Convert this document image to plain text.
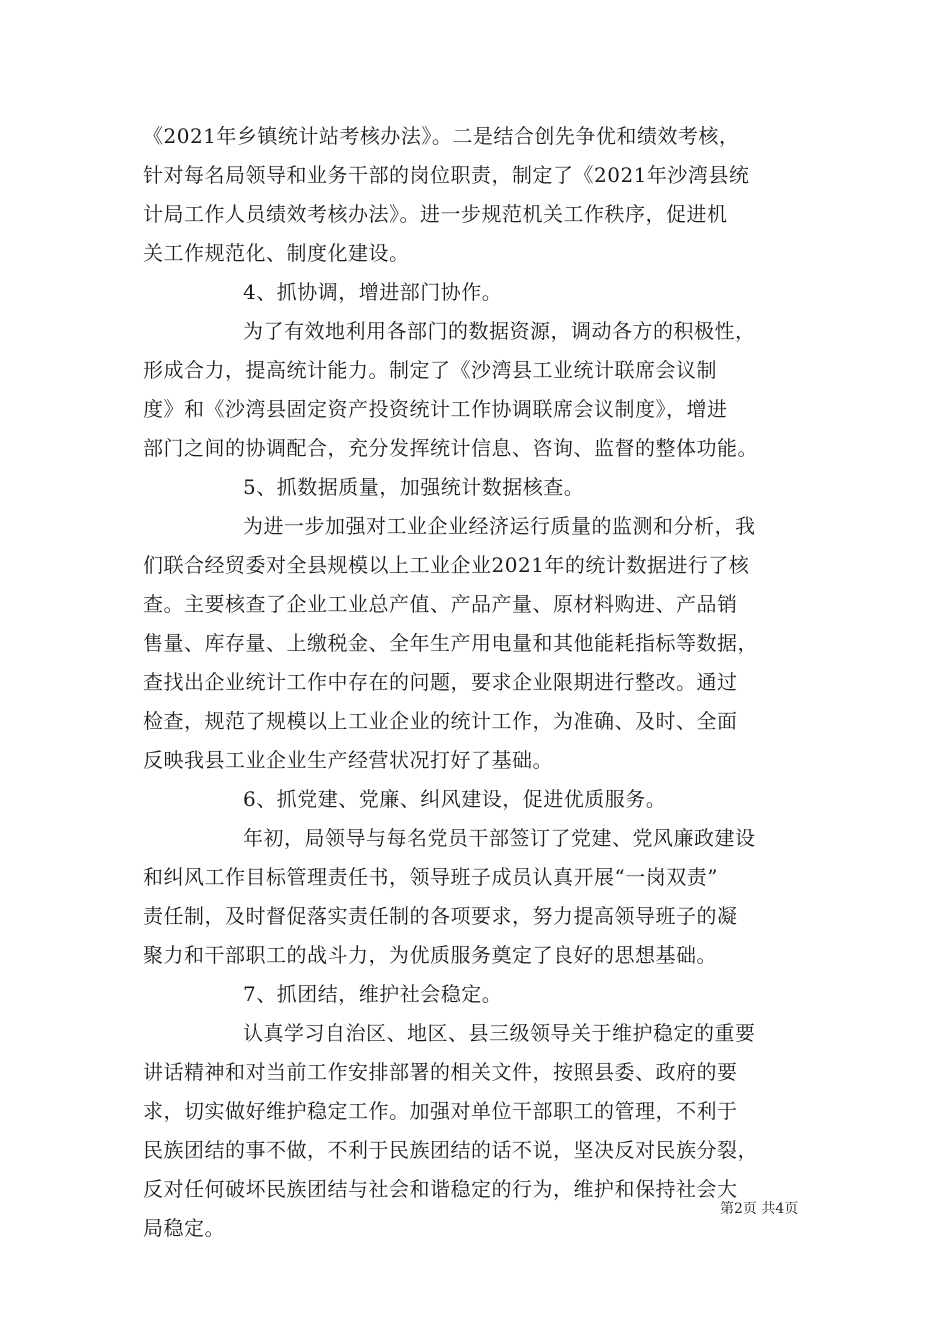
《2021年乡镇统计站考核办法》。二是结合创先争优和绩效考核，
针对每名局领导和业务干部的岗位职责，制定了《2021年沙湾县统
计局工作人员绩效考核办法》。进一步规范机关工作秩序，促进机
关工作规范化、制度化建设。
4、抓协调，增进部门协作。
为了有效地利用各部门的数据资源，调动各方的积极性，
形成合力，提高统计能力。制定了《沙湾县工业统计联席会议制
度》和《沙湾县固定资产投资统计工作协调联席会议制度》，增进
部门之间的协调配合，充分发挥统计信息、咨询、监督的整体功能。
5、抓数据质量，加强统计数据核查。
为进一步加强对工业企业经济运行质量的监测和分析，我
们联合经贸委对全县规模以上工业企业2021年的统计数据进行了核
查。主要核查了企业工业总产值、产品产量、原材料购进、产品销
售量、库存量、上缴税金、全年生产用电量和其他能耗指标等数据，
查找出企业统计工作中存在的问题，要求企业限期进行整改。通过
检查，规范了规模以上工业企业的统计工作，为准确、及时、全面
反映我县工业企业生产经营状况打好了基础。
6、抓党建、党廉、纠风建设，促进优质服务。
年初，局领导与每名党员干部签订了党建、党风廉政建设
和纠风工作目标管理责任书，领导班子成员认真开展“一岗双责”
责任制，及时督促落实责任制的各项要求，努力提高领导班子的凝
聚力和干部职工的战斗力，为优质服务奠定了良好的思想基础。
7、抓团结，维护社会稳定。
认真学习自治区、地区、县三级领导关于维护稳定的重要
讲话精神和对当前工作安排部署的相关文件，按照县委、政府的要
求，切实做好维护稳定工作。加强对单位干部职工的管理，不利于
民族团结的事不做，不利于民族团结的话不说，坚决反对民族分裂，
反对任何破坏民族团结与社会和谐稳定的行为，维护和保持社会大
局稳定。
第2页 共4页
